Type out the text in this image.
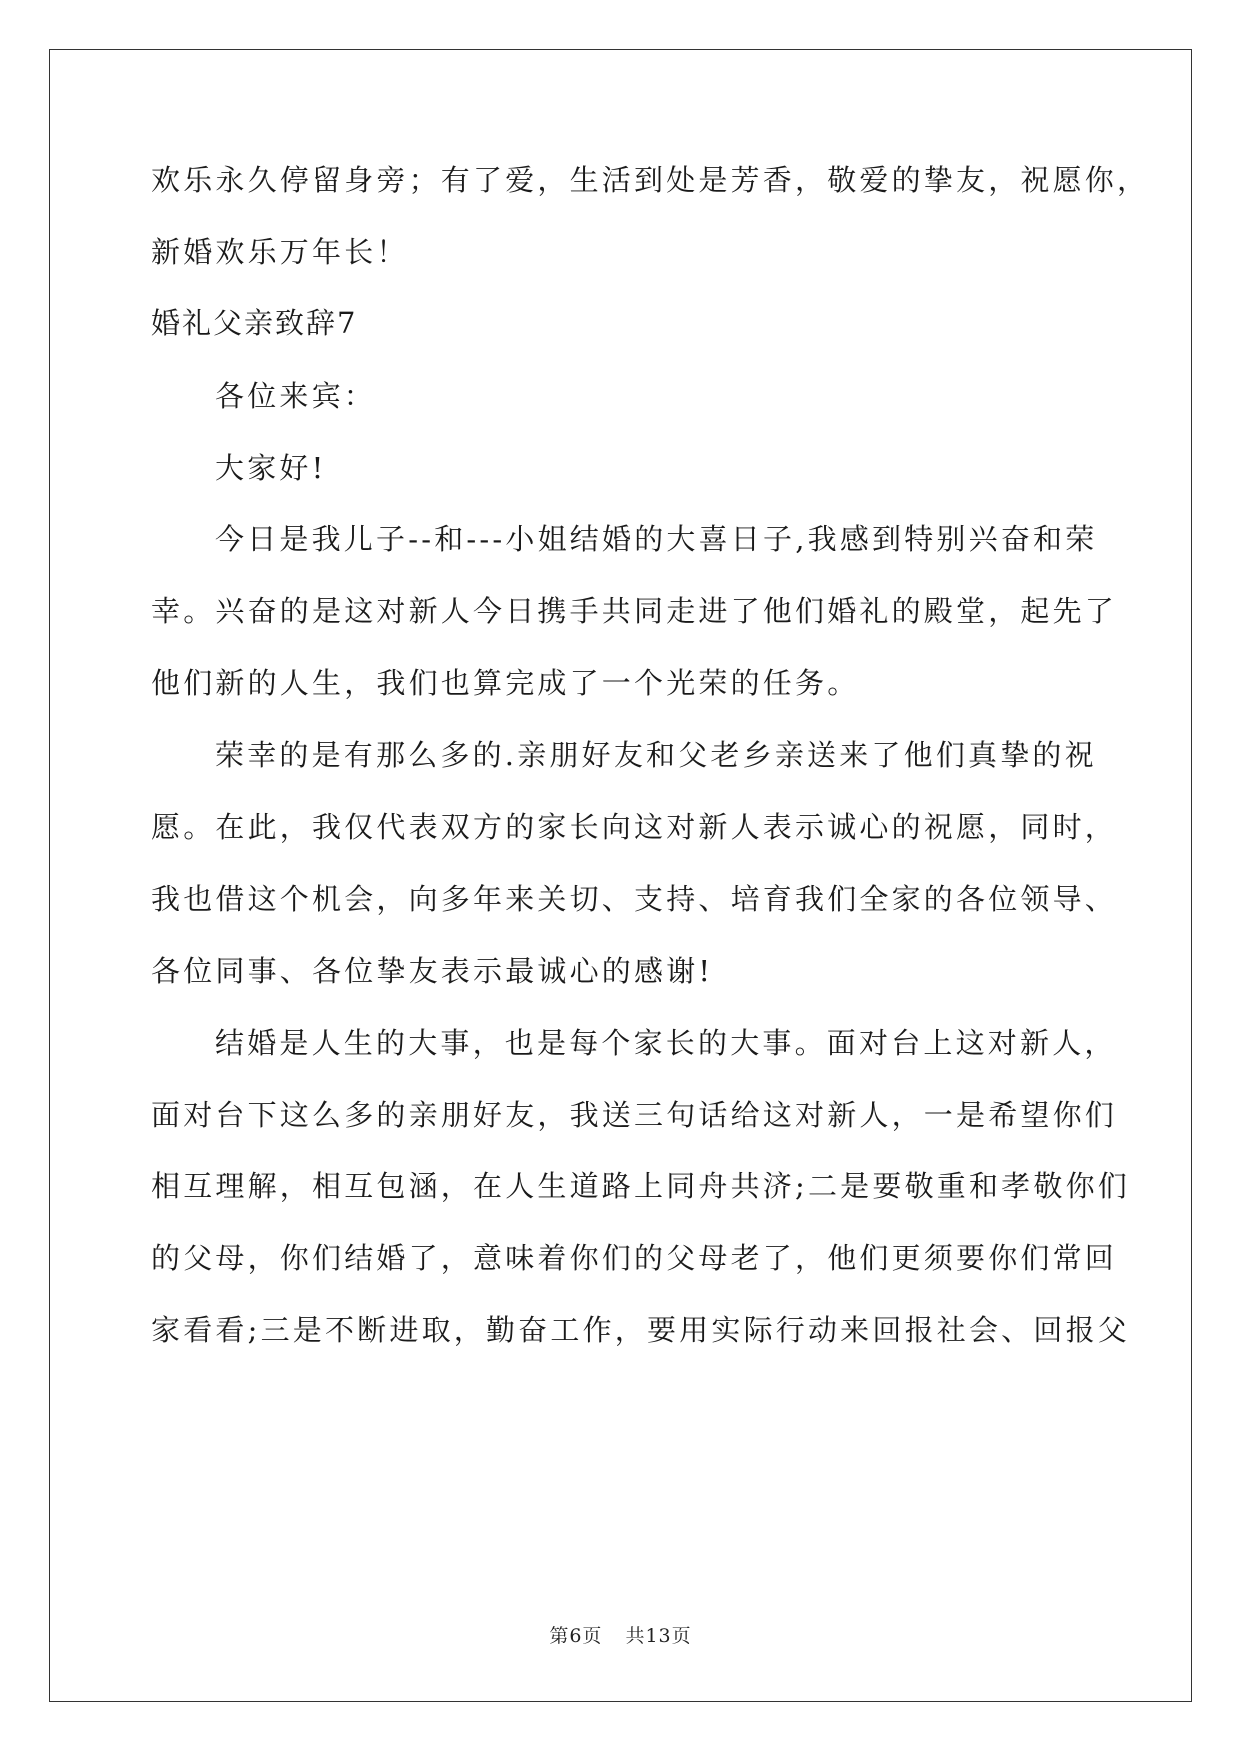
欢乐永久停留身旁；有了爱，生活到处是芳香，敬爱的挚友，祝愿你，
新婚欢乐万年长！
婚礼父亲致辞7
各位来宾：
大家好!
今日是我儿子--和---小姐结婚的大喜日子,我感到特别兴奋和荣
幸。兴奋的是这对新人今日携手共同走进了他们婚礼的殿堂，起先了
他们新的人生，我们也算完成了一个光荣的任务。
荣幸的是有那么多的.亲朋好友和父老乡亲送来了他们真挚的祝
愿。在此，我仅代表双方的家长向这对新人表示诚心的祝愿，同时，
我也借这个机会，向多年来关切、支持、培育我们全家的各位领导、
各位同事、各位挚友表示最诚心的感谢!
结婚是人生的大事，也是每个家长的大事。面对台上这对新人，
面对台下这么多的亲朋好友，我送三句话给这对新人，一是希望你们
相互理解，相互包涵，在人生道路上同舟共济;二是要敬重和孝敬你们
的父母，你们结婚了，意味着你们的父母老了，他们更须要你们常回
家看看;三是不断进取，勤奋工作，要用实际行动来回报社会、回报父
第6页 共13页
